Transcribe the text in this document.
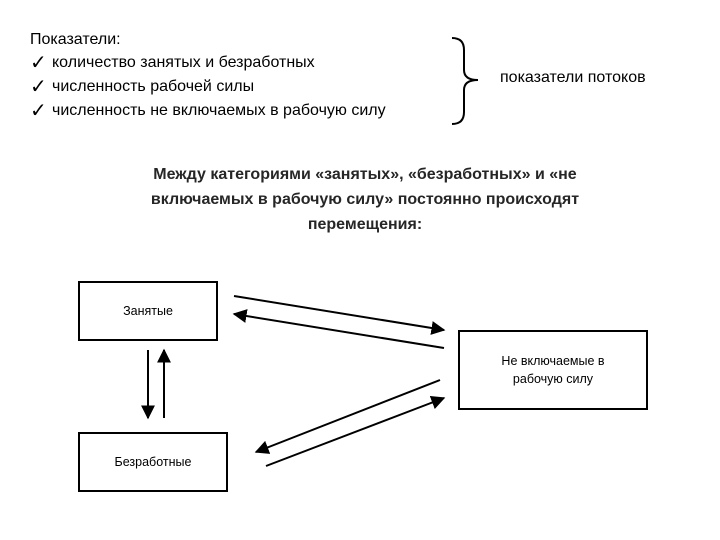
Показатели:
✓ количество занятых и безработных
✓ численность рабочей силы
✓ численность не включаемых в рабочую силу
показатели потоков
Между категориями «занятых», «безработных» и «не
включаемых в рабочую силу» постоянно происходят
перемещения:
Занятые
Не включаемые в
рабочую силу
Безработные
